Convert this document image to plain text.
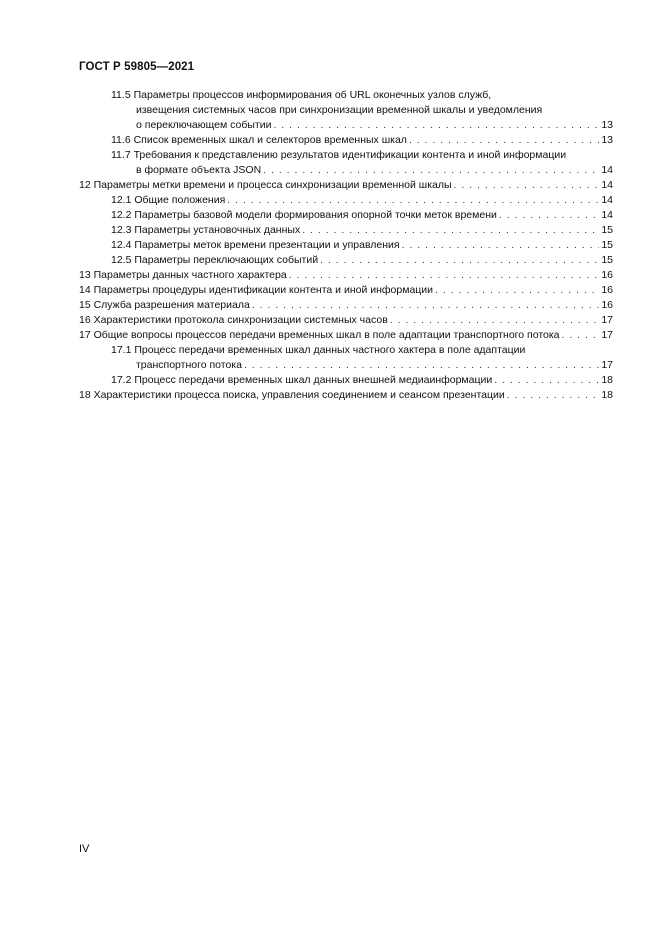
ГОСТ Р 59805—2021
11.5 Параметры процессов информирования об URL оконечных узлов служб,
извещения системных часов при синхронизации временной шкалы и уведомления
о переключающем событии . . .	13
11.6 Список временных шкал и селекторов временных шкал . . .	13
11.7 Требования к представлению результатов идентификации контента и иной информации
в формате объекта JSON . . .	14
12 Параметры метки времени и процесса синхронизации временной шкалы . . .	14
12.1 Общие положения . . .	14
12.2 Параметры базовой модели формирования опорной точки меток времени . . .	14
12.3 Параметры установочных данных . . .	15
12.4 Параметры меток времени презентации и управления . . .	15
12.5 Параметры переключающих событий . . .	15
13 Параметры данных частного характера . . .	16
14 Параметры процедуры идентификации контента и иной информации . . .	16
15 Служба разрешения материала . . .	16
16 Характеристики протокола синхронизации системных часов . . .	17
17 Общие вопросы процессов передачи временных шкал в поле адаптации транспортного потока . . .	17
17.1 Процесс передачи временных шкал данных частного хактера в поле адаптации
транспортного потока . . .	17
17.2 Процесс передачи временных шкал данных внешней медиаинформации . . .	18
18 Характеристики процесса поиска, управления соединением и сеансом презентации . . .	18
IV
